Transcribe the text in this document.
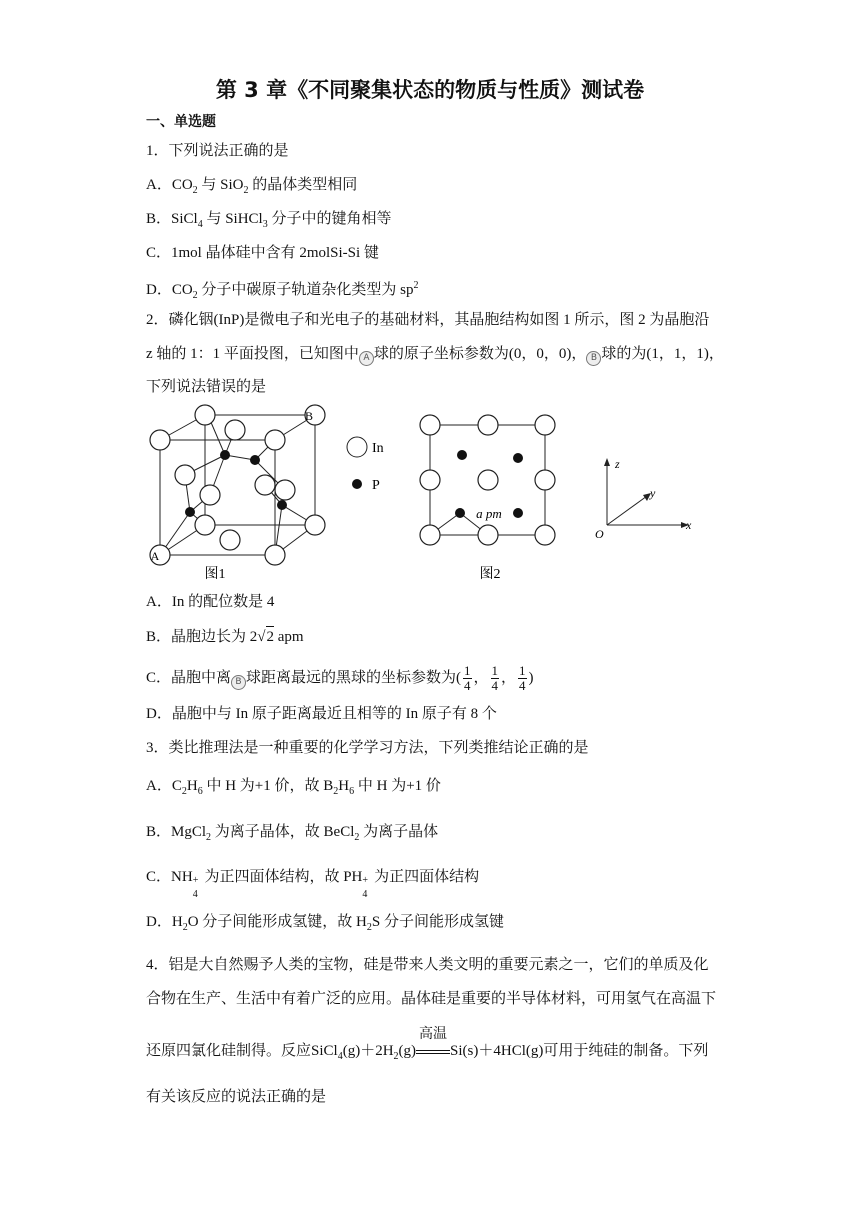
第 3 章《不同聚集状态的物质与性质》测试卷
一、单选题
1．下列说法正确的是
A．$CO_2$ 与 SiO$_2$ 的晶体类型相同
B．SiCl$_4$ 与 SiHCl$_3$ 分子中的键角相等
C．1mol 晶体硅中含有 2molSi-Si 键
D．$CO_2$ 分子中碳原子轨道杂化类型为 $sp^2$
2．磷化铟(InP)是微电子和光电子的基础材料，其晶胞结构如图 1 所示，图 2 为晶胞沿
z 轴的 1：1 平面投图，已知图中 A 球的原子坐标参数为(0，0，0)， B 球的为(1，1，1)，
下列说法错误的是
B
A
In
P
图1
a pm
图2
z
y
x
O
A．In 的配位数是 4
B．晶胞边长为 2√2 apm
C．晶胞中离 B 球距离最远的黑球的坐标参数为( $\frac{1}{4}$ ， $\frac{1}{4}$ ， $\frac{1}{4}$ )
D．晶胞中与 In 原子距离最近且相等的 In 原子有 8 个
3．类比推理法是一种重要的化学学习方法，下列类推结论正确的是
A．$C_2H_6$ 中 H 为+1 价，故 $B_2H_6$ 中 H 为+1 价
B．MgCl$_2$ 为离子晶体，故 BeCl$_2$ 为离子晶体
C．NH +
4
为正四面体结构，故 PH +
4
为正四面体结构
D．$H_2O$ 分子间能形成氢键，故 $H_2S$ 分子间能形成氢键
4．铝是大自然赐予人类的宝物，硅是带来人类文明的重要元素之一，它们的单质及化
合物在生产、生活中有着广泛的应用。晶体硅是重要的半导体材料，可用氢气在高温下
还原四氯化硅制得。反应$SiCl_4(g)+2H_2(g)$
高温
Si(s)＋4HCl(g)可用于纯硅的制备。下列
有关该反应的说法正确的是
